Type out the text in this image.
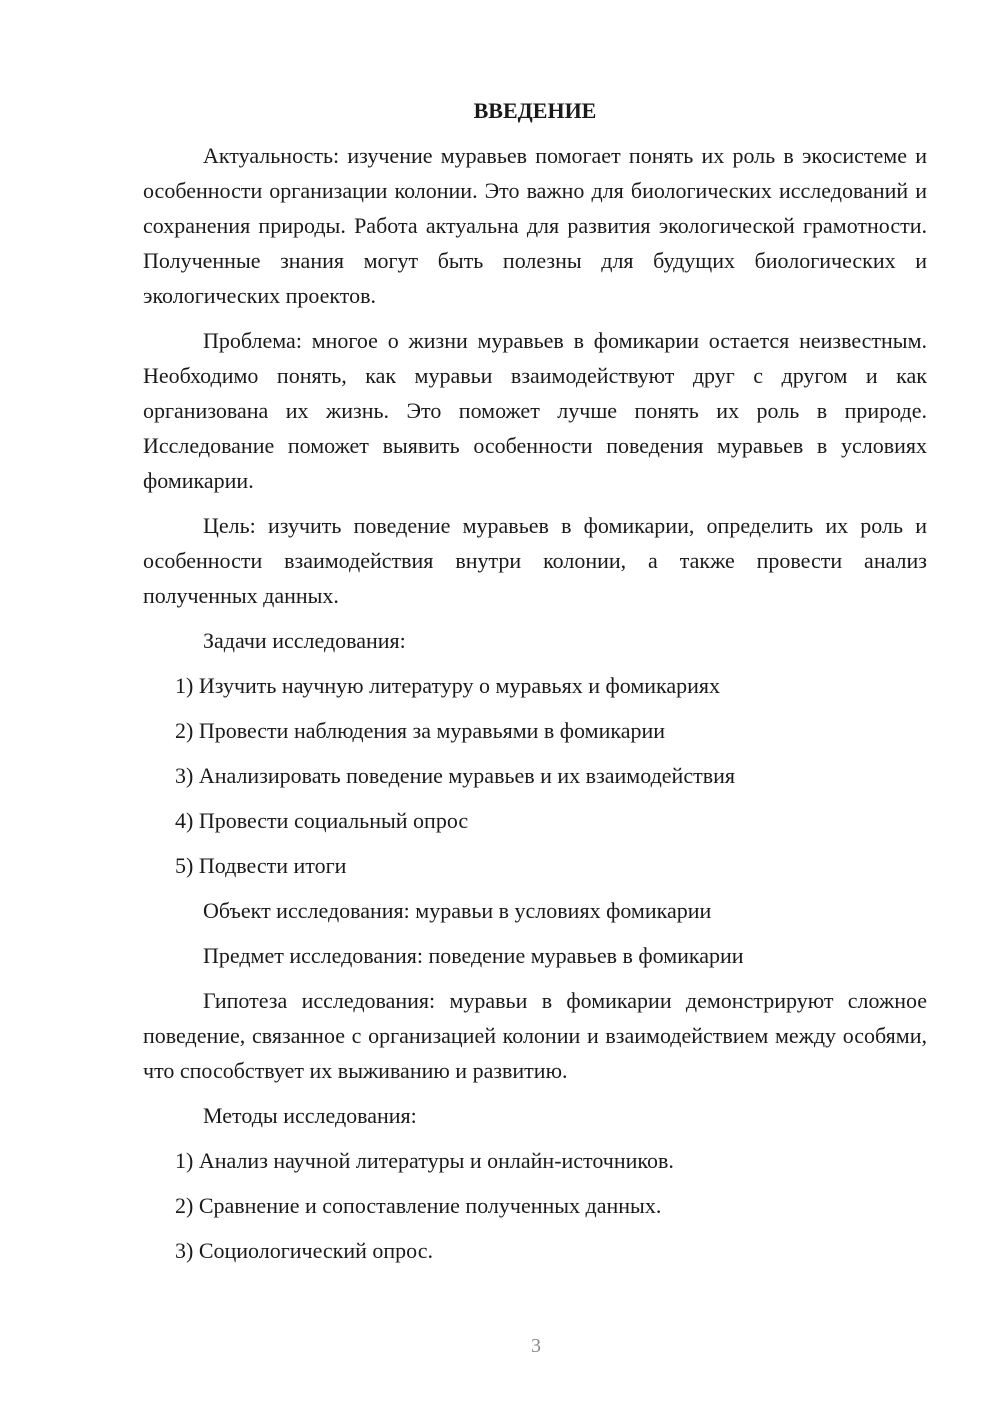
ВВЕДЕНИЕ

Актуальность: изучение муравьев помогает понять их роль в экосистеме и особенности организации колонии. Это важно для биологических исследований и сохранения природы. Работа актуальна для развития экологической грамотности. Полученные знания могут быть полезны для будущих биологических и экологических проектов.

Проблема: многое о жизни муравьев в фомикарии остается неизвестным. Необходимо понять, как муравьи взаимодействуют друг с другом и как организована их жизнь. Это поможет лучше понять их роль в природе. Исследование поможет выявить особенности поведения муравьев в условиях фомикарии.

Цель: изучить поведение муравьев в фомикарии, определить их роль и особенности взаимодействия внутри колонии, а также провести анализ полученных данных.

Задачи исследования:
1) Изучить научную литературу о муравьях и фомикариях
2) Провести наблюдения за муравьями в фомикарии
3) Анализировать поведение муравьев и их взаимодействия
4) Провести социальный опрос
5) Подвести итоги
Объект исследования: муравьи в условиях фомикарии
Предмет исследования: поведение муравьев в фомикарии

Гипотеза исследования: муравьи в фомикарии демонстрируют сложное поведение, связанное с организацией колонии и взаимодействием между особями, что способствует их выживанию и развитию.

Методы исследования:
1) Анализ научной литературы и онлайн-источников.
2) Сравнение и сопоставление полученных данных.
3) Социологический опрос.
3
